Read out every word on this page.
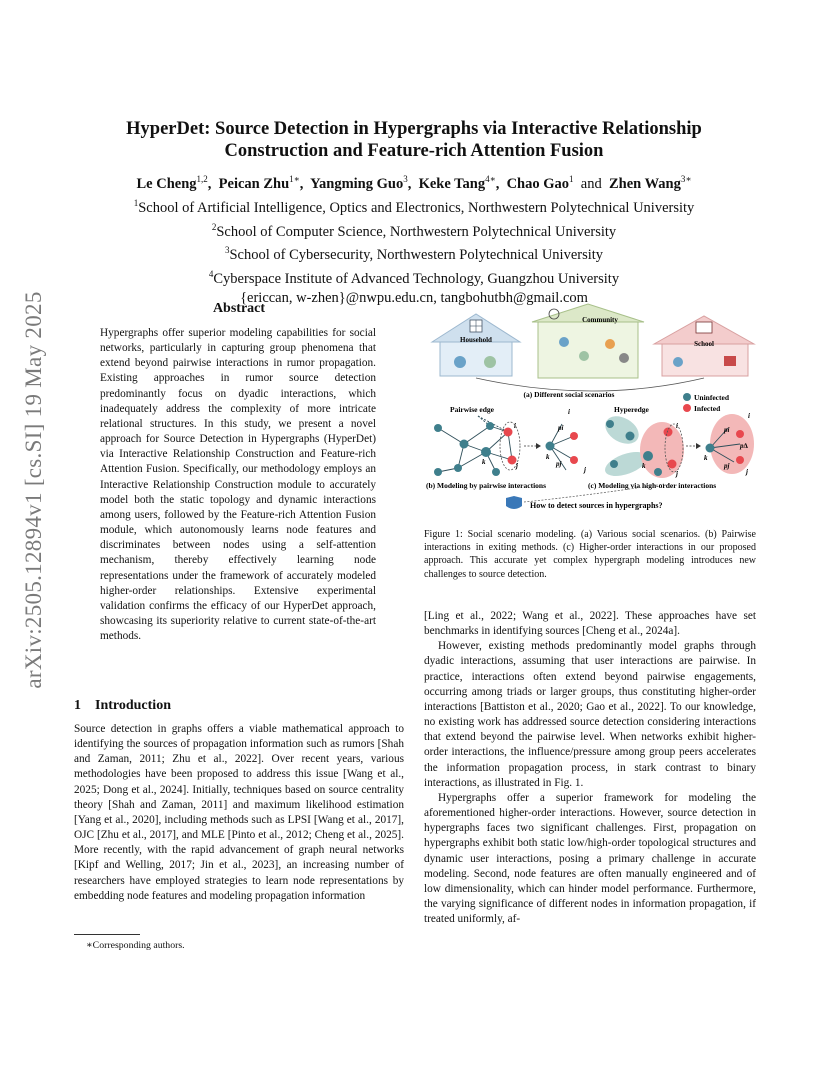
arXiv:2505.12894v1 [cs.SI] 19 May 2025
HyperDet: Source Detection in Hypergraphs via Interactive Relationship
Construction and Feature-rich Attention Fusion
Le Cheng$^{1,2}$,  Peican Zhu$^{1∗}$,  Yangming Guo$^3$,  Keke Tang$^{4∗}$,  Chao Gao$^1$ and Zhen Wang$^{3∗}$
$^1$School of Artificial Intelligence, Optics and Electronics, Northwestern Polytechnical University
$^2$School of Computer Science, Northwestern Polytechnical University
$^3$School of Cybersecurity, Northwestern Polytechnical University
$^4$Cyberspace Institute of Advanced Technology, Guangzhou University
{ericcan, w-zhen}@nwpu.edu.cn, tangbohutbh@gmail.com
Abstract
Hypergraphs offer superior modeling capabilities for social networks, particularly in capturing group phenomena that extend beyond pairwise interactions in rumor propagation. Existing approaches in rumor source detection predominantly focus on dyadic interactions, which inadequately address the complexity of more intricate relational structures. In this study, we present a novel approach for Source Detection in Hypergraphs (HyperDet) via Interactive Relationship Construction and Feature-rich Attention Fusion. Specifically, our methodology employs an Interactive Relationship Construction module to accurately model both the static topology and dynamic interactions among users, followed by the Feature-rich Attention Fusion module, which autonomously learns node features and discriminates between nodes using a self-attention mechanism, thereby effectively learning node representations under the framework of accurately modeled higher-order relationships. Extensive experimental validation confirms the efficacy of our HyperDet approach, showcasing its superiority relative to current state-of-the-art methods.
1 Introduction
Source detection in graphs offers a viable mathematical approach to identifying the sources of propagation information such as rumors [Shah and Zaman, 2011; Zhu et al., 2022]. Over recent years, various methodologies have been proposed to address this issue [Wang et al., 2025; Dong et al., 2024]. Initially, techniques based on source centrality theory [Shah and Zaman, 2011] and maximum likelihood estimation [Yang et al., 2020], including methods such as LPSI [Wang et al., 2017], OJC [Zhu et al., 2017], and MLE [Pinto et al., 2012; Cheng et al., 2025]. More recently, with the rapid advancement of graph neural networks [Kipf and Welling, 2017; Jin et al., 2023], an increasing number of researchers have employed strategies to learn node representations by embedding node features and modeling propagation information
∗Corresponding authors.
Household
Community
School
(a) Different social scenarios	Uninfected
Infected
Pairwise edge
i
k	j
i
pi
k
pj
j
Hyperedge
i
k
j
i
pi
p∆
k
pj
j
(b) Modeling by pairwise interactions	(c) Modeling via high-order interactions
How to detect sources in hypergraphs?
Figure 1: Social scenario modeling. (a) Various social scenarios. (b) Pairwise interactions in exiting methods. (c) Higher-order interactions in our proposed approach. This accurate yet complex hypergraph modeling introduces new challenges to source detection.

[Ling et al., 2022; Wang et al., 2022]. These approaches have set benchmarks in identifying sources [Cheng et al., 2024a].

However, existing methods predominantly model graphs through dyadic interactions, assuming that user interactions are pairwise. In practice, interactions often extend beyond pairwise engagements, occurring among triads or larger groups, thus constituting higher-order interactions [Battiston et al., 2020; Gao et al., 2022]. To our knowledge, no existing work has addressed source detection considering interactions that extend beyond the pairwise level. When networks exhibit higher-order interactions, the influence/pressure among group peers accelerates the information propagation process, in stark contrast to binary interactions, as illustrated in Fig. 1.

Hypergraphs offer a superior framework for modeling the aforementioned higher-order interactions. However, source detection in hypergraphs faces two significant challenges. First, propagation on hypergraphs exhibit both static low/high-order topological structures and dynamic user interactions, posing a primary challenge in accurate modeling. Second, node features are often manually engineered and of low dimensionality, which can hinder model performance. Furthermore, the varying significance of different nodes in information propagation, if treated uniformly, af-
